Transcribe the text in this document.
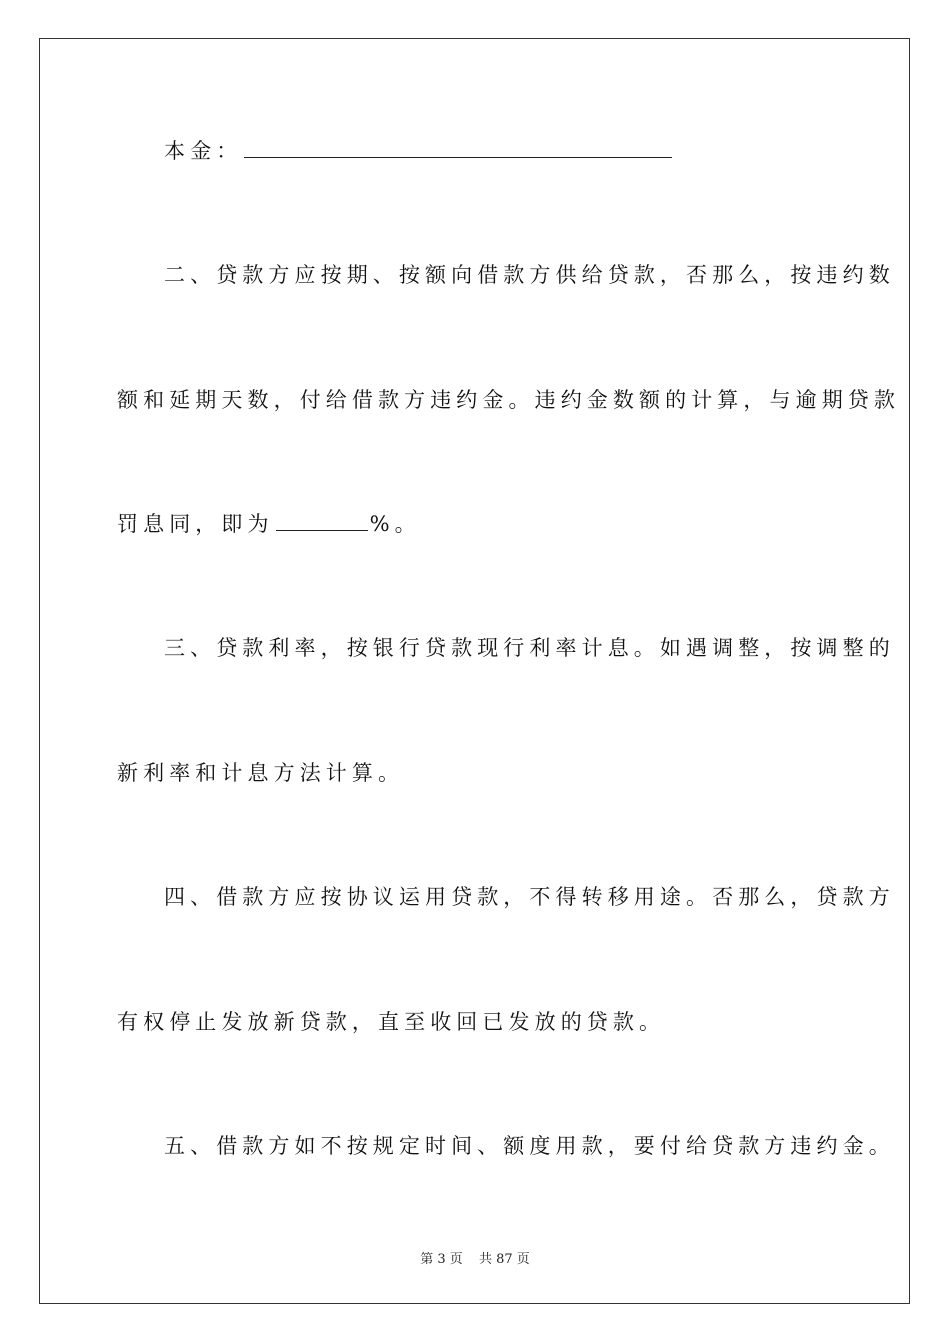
本金：
二、贷款方应按期、按额向借款方供给贷款，否那么，按违约数
额和延期天数，付给借款方违约金。违约金数额的计算，与逾期贷款
罚息同，即为	%。
三、贷款利率，按银行贷款现行利率计息。如遇调整，按调整的
新利率和计息方法计算。
四、借款方应按协议运用贷款，不得转移用途。否那么，贷款方
有权停止发放新贷款，直至收回已发放的贷款。
五、借款方如不按规定时间、额度用款，要付给贷款方违约金。
第 3 页 共 87 页
